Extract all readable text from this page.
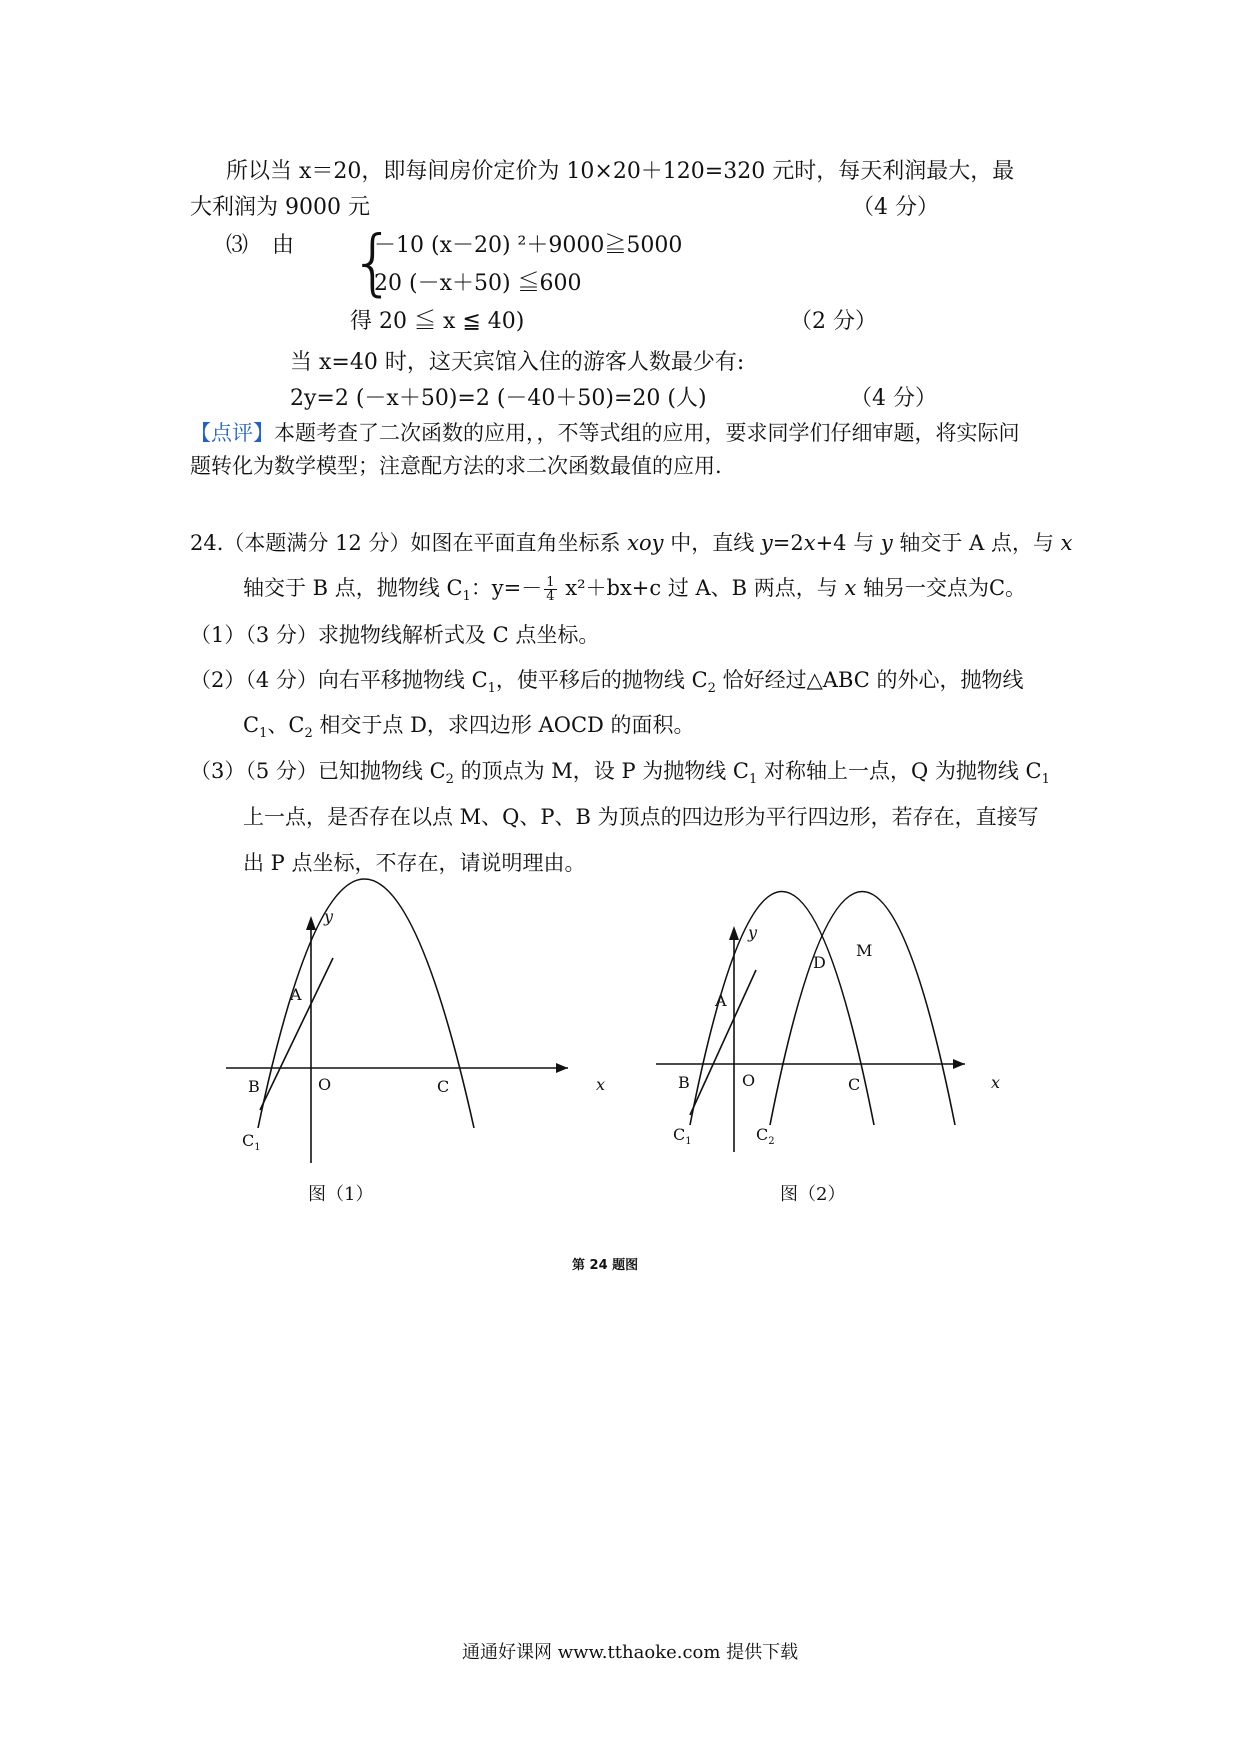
所以当 x＝20，即每间房价定价为 10×20＋120=320 元时，每天利润最大，最
大利润为 9000 元	（4 分）
⑶ 由 {
－10 (x－20) ²＋9000≧5000
20 (－x＋50) ≦600
得 20 ≦ x ≦ 40)	（2 分）
当 x=40 时，这天宾馆入住的游客人数最少有:
2y=2 (－x＋50)=2 (－40＋50)=20 (人)	（4 分）
【点评】本题考查了二次函数的应用，，不等式组的应用，要求同学们仔细审题，将实际问
题转化为数学模型；注意配方法的求二次函数最值的应用.
24.（本题满分 12 分）如图在平面直角坐标系 xoy 中，直线 y=2x+4 与 y 轴交于 A 点，与 x
轴交于 B 点，抛物线 $C_1$：$y=- \frac{1}{4} x^2+bx+c$ 过 A、B 两点，与 x 轴另一交点为C。
（1）（3 分）求抛物线解析式及 C 点坐标。
（2）（4 分）向右平移抛物线 $C_1$，使平移后的抛物线 $C_2$ 恰好经过△ABC 的外心，抛物线
$C_1$、$C_2$ 相交于点 D，求四边形 AOCD 的面积。
（3）（5 分）已知抛物线 $C_2$ 的顶点为 M，设 P 为抛物线 $C_1$ 对称轴上一点，Q 为抛物线 $C_1$
上一点，是否存在以点 M、Q、P、B 为顶点的四边形为平行四边形，若存在，直接写
出 P 点坐标，不存在，请说明理由。
y
x
A
B	O	C
$C_1$
y
x
A
B	O	C
D
M
$C_1$	$C_2$
图（1）	图（2）
第 24 题图
通通好课网 www.tthaoke.com 提供下载
